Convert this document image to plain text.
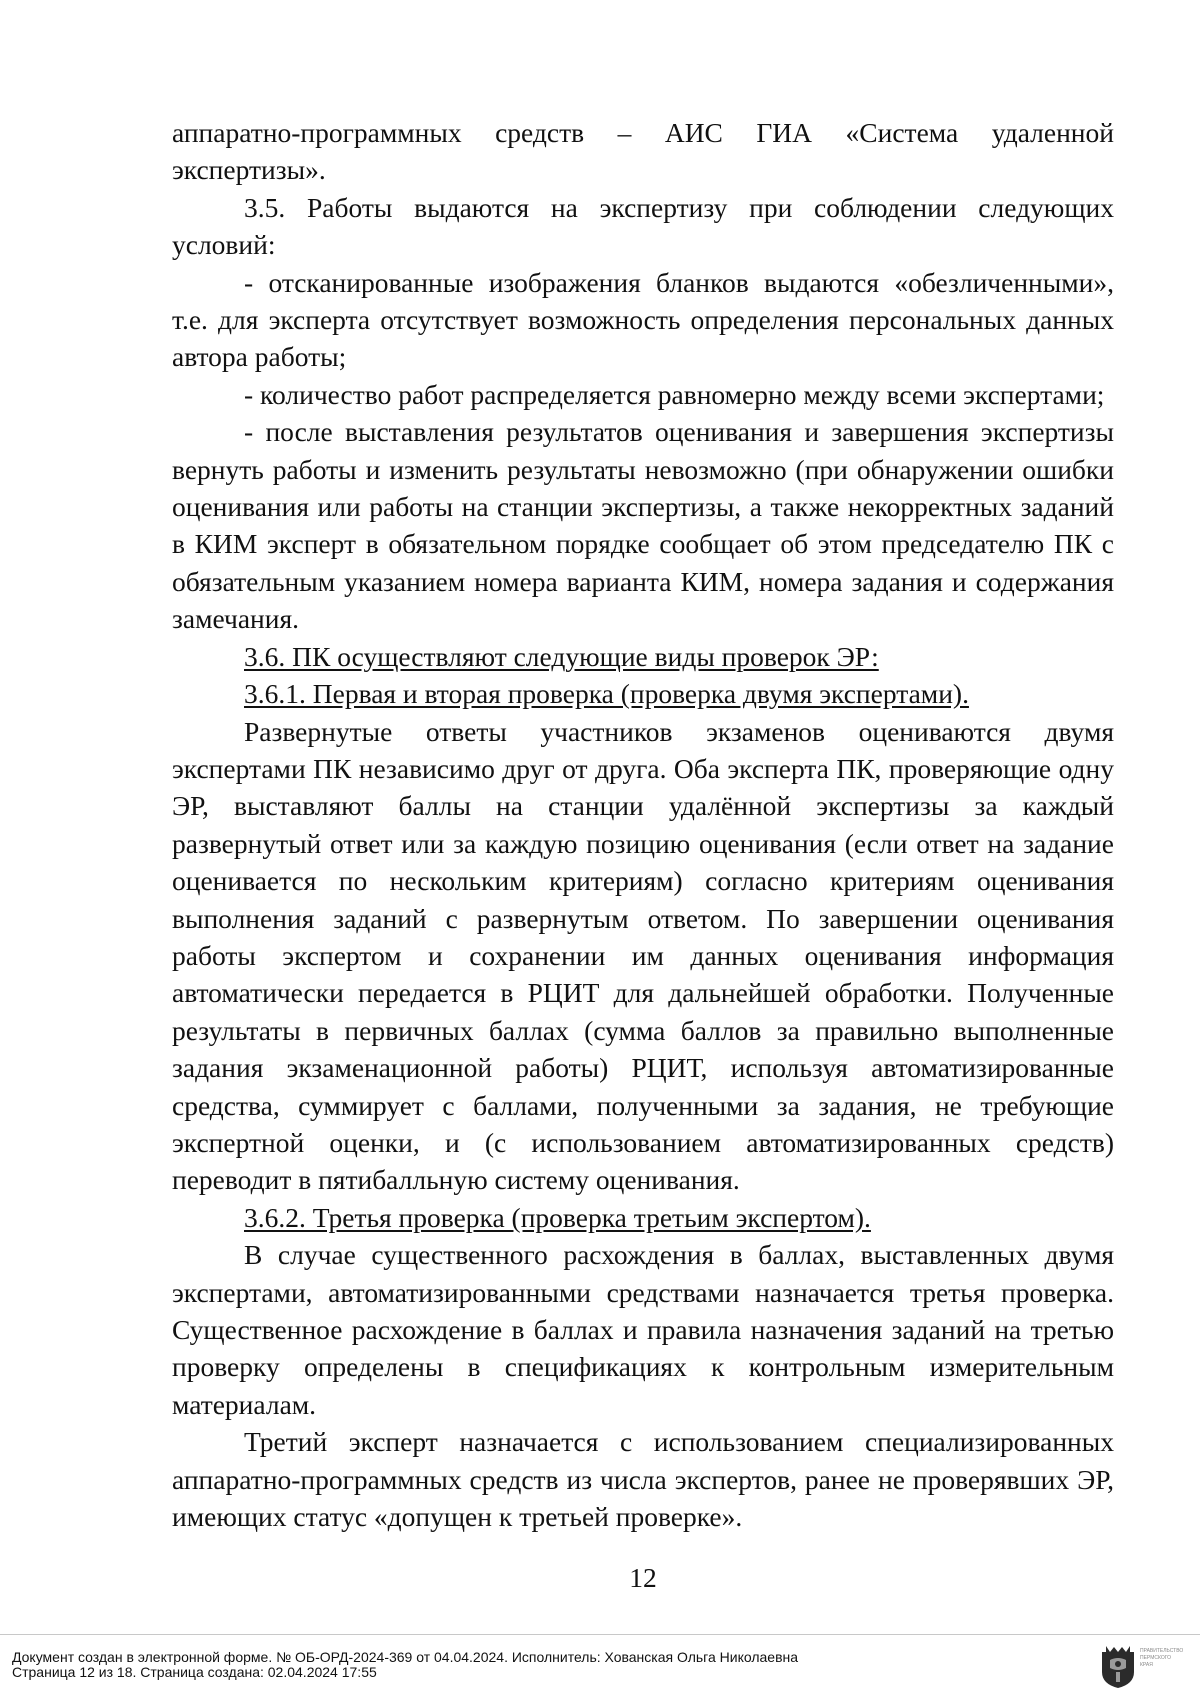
аппаратно-программных средств – АИС ГИА «Система удаленной экспертизы».

3.5. Работы выдаются на экспертизу при соблюдении следующих условий:

- отсканированные изображения бланков выдаются «обезличенными», т.е. для эксперта отсутствует возможность определения персональных данных автора работы;

- количество работ распределяется равномерно между всеми экспертами;

- после выставления результатов оценивания и завершения экспертизы вернуть работы и изменить результаты невозможно (при обнаружении ошибки оценивания или работы на станции экспертизы, а также некорректных заданий в КИМ эксперт в обязательном порядке сообщает об этом председателю ПК с обязательным указанием номера варианта КИМ, номера задания и содержания замечания.

3.6. ПК осуществляют следующие виды проверок ЭР:

3.6.1. Первая и вторая проверка (проверка двумя экспертами).

Развернутые ответы участников экзаменов оцениваются двумя экспертами ПК независимо друг от друга. Оба эксперта ПК, проверяющие одну ЭР, выставляют баллы на станции удалённой экспертизы за каждый развернутый ответ или за каждую позицию оценивания (если ответ на задание оценивается по нескольким критериям) согласно критериям оценивания выполнения заданий с развернутым ответом. По завершении оценивания работы экспертом и сохранении им данных оценивания информация автоматически передается в РЦИТ для дальнейшей обработки. Полученные результаты в первичных баллах (сумма баллов за правильно выполненные задания экзаменационной работы) РЦИТ, используя автоматизированные средства, суммирует с баллами, полученными за задания, не требующие экспертной оценки, и (с использованием автоматизированных средств) переводит в пятибалльную систему оценивания.

3.6.2. Третья проверка (проверка третьим экспертом).

В случае существенного расхождения в баллах, выставленных двумя экспертами, автоматизированными средствами назначается третья проверка. Существенное расхождение в баллах и правила назначения заданий на третью проверку определены в спецификациях к контрольным измерительным материалам.

Третий эксперт назначается с использованием специализированных аппаратно-программных средств из числа экспертов, ранее не проверявших ЭР, имеющих статус «допущен к третьей проверке».

12
Документ создан в электронной форме. № ОБ-ОРД-2024-369 от 04.04.2024. Исполнитель: Хованская Ольга Николаевна
Страница 12 из 18. Страница создана: 02.04.2024 17:55
ПРАВИТЕЛЬСТВО
ПЕРМСКОГО
КРАЯ
